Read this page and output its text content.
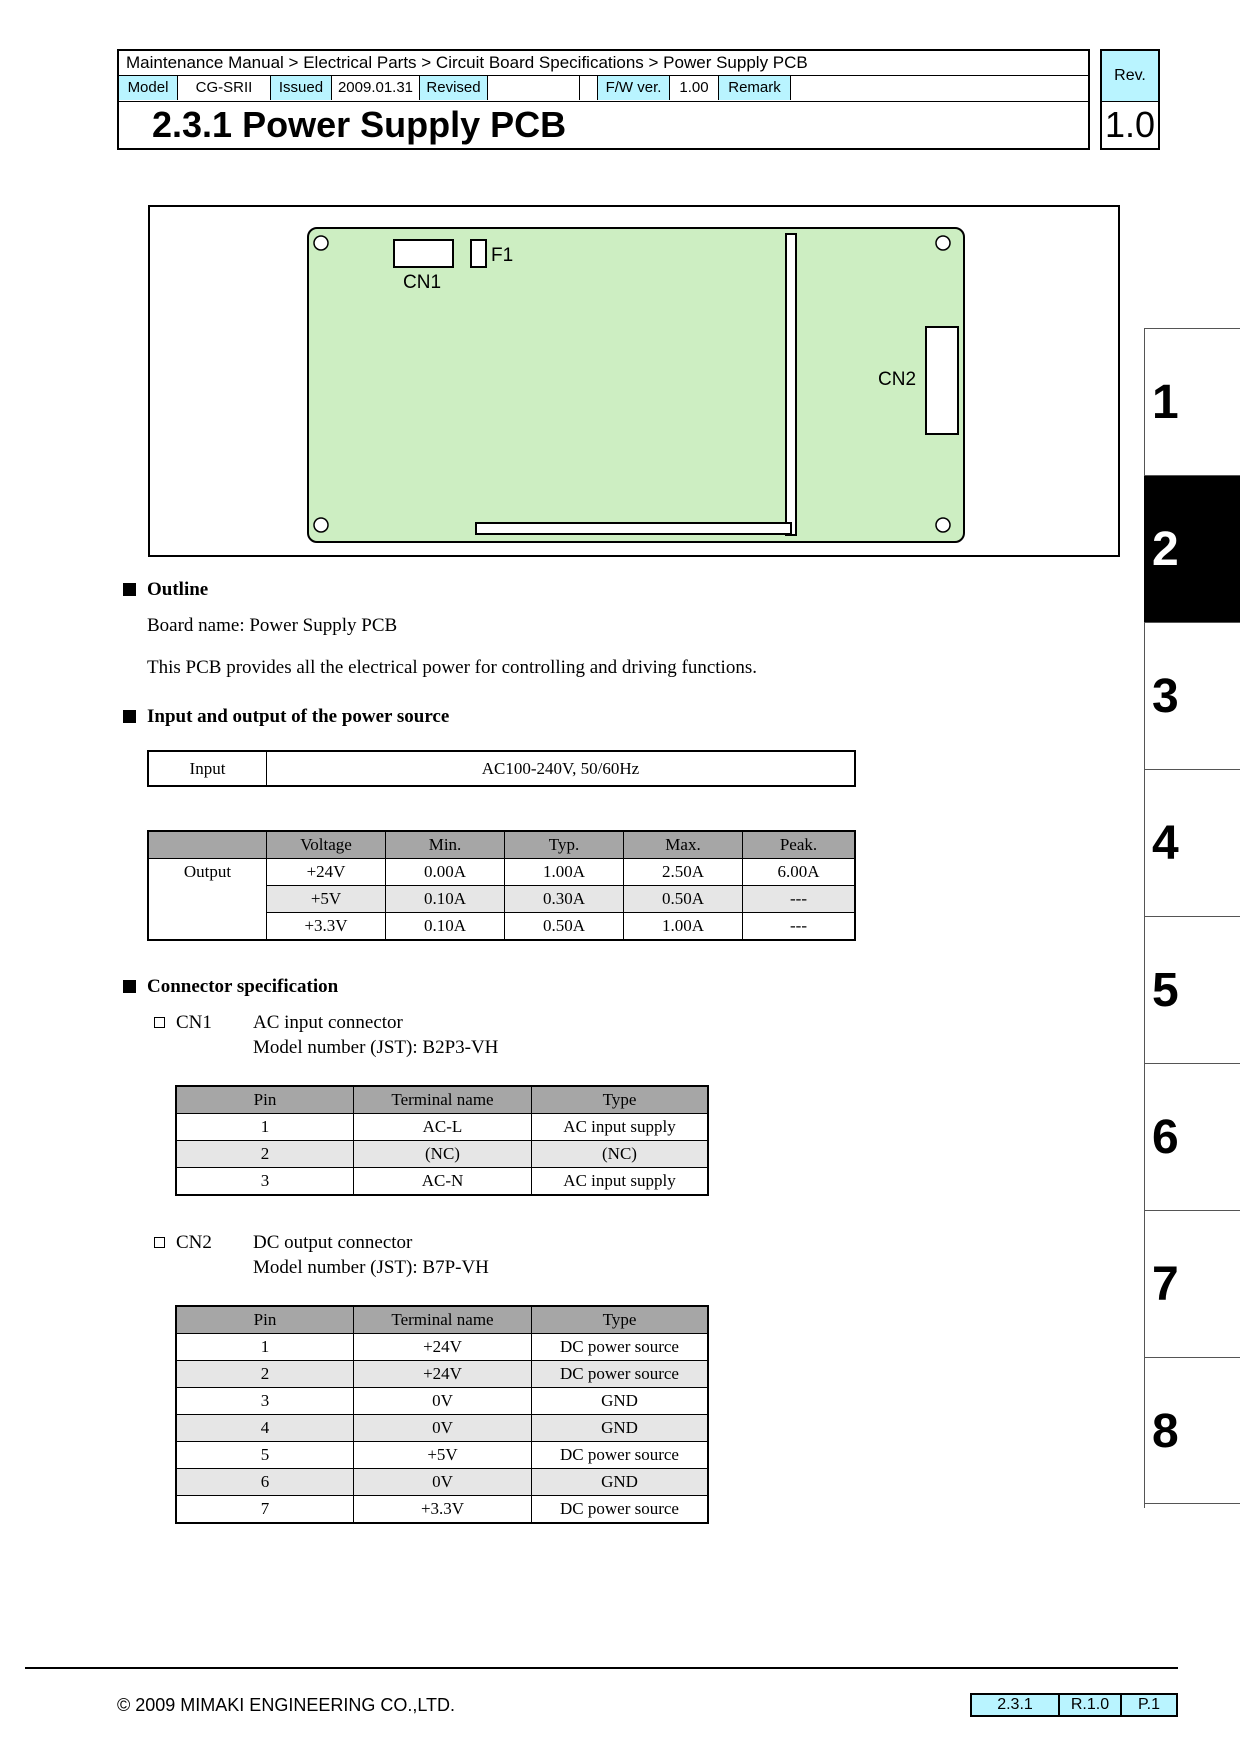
Maintenance Manual > Electrical Parts > Circuit Board Specifications > Power Supply PCB
Model	CG-SRII	Issued 2009.01.31 Revised	F/W ver.	1.00	Remark
2.3.1 Power Supply PCB
Rev.
1.0
1
2
3
4
5
6
7
8
F1
CN1
CN2
Outline
Board name: Power Supply PCB
This PCB provides all the electrical power for controlling and driving functions.
Input and output of the power source
Input	AC100-240V, 50/60Hz
	Voltage	Min.	Typ.	Max.	Peak.
Output	+24V	0.00A	1.00A	2.50A	6.00A
	+5V	0.10A	0.30A	0.50A	---
	+3.3V	0.10A	0.50A	1.00A	---
Connector specification
CN1 AC input connector
Model number (JST): B2P3-VH
Pin	Terminal name	Type
1	AC-L	AC input supply
2	(NC)	(NC)
3	AC-N	AC input supply
CN2 DC output connector
Model number (JST): B7P-VH
Pin	Terminal name	Type
1	+24V	DC power source
2	+24V	DC power source
3	0V	GND
4	0V	GND
5	+5V	DC power source
6	0V	GND
7	+3.3V	DC power source
© 2009 MIMAKI ENGINEERING CO.,LTD.	2.3.1	R.1.0	P.1
